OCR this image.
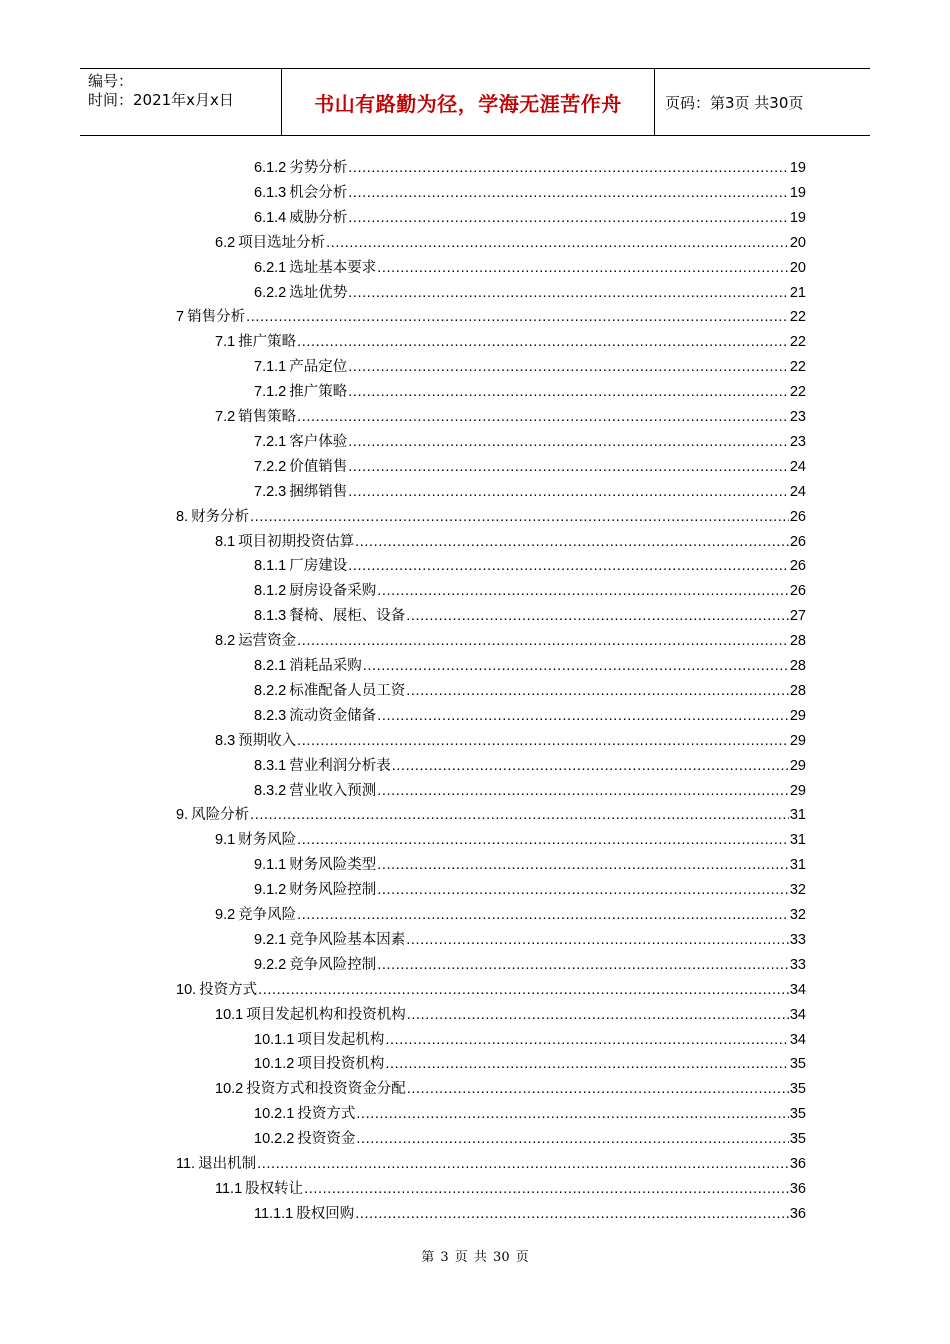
编号：
时间：2021年x月x日	书山有路勤为径，学海无涯苦作舟	页码：第3页 共30页
6.1.2 劣势分析 .....	19
6.1.3 机会分析 .....	19
6.1.4 威胁分析 .....	19
6.2 项目选址分析 .....	20
6.2.1 选址基本要求 .....	20
6.2.2 选址优势 .....	21
7 销售分析 .....	22
7.1 推广策略 .....	22
7.1.1 产品定位 .....	22
7.1.2 推广策略 .....	22
7.2 销售策略 .....	23
7.2.1 客户体验 .....	23
7.2.2 价值销售 .....	24
7.2.3 捆绑销售 .....	24
8. 财务分析 .....	26
8.1 项目初期投资估算 .....	26
8.1.1 厂房建设 .....	26
8.1.2 厨房设备采购 .....	26
8.1.3 餐椅、展柜、设备 .....	27
8.2 运营资金 .....	28
8.2.1 消耗品采购 .....	28
8.2.2 标准配备人员工资 .....	28
8.2.3 流动资金储备 .....	29
8.3 预期收入 .....	29
8.3.1 营业利润分析表 .....	29
8.3.2 营业收入预测 .....	29
9. 风险分析 .....	31
9.1 财务风险 .....	31
9.1.1 财务风险类型 .....	31
9.1.2 财务风险控制 .....	32
9.2 竞争风险 .....	32
9.2.1 竞争风险基本因素 .....	33
9.2.2 竞争风险控制 .....	33
10. 投资方式 .....	34
10.1 项目发起机构和投资机构 .....	34
10.1.1 项目发起机构 .....	34
10.1.2 项目投资机构 .....	35
10.2 投资方式和投资资金分配 .....	35
10.2.1 投资方式 .....	35
10.2.2 投资资金 .....	35
11. 退出机制 .....	36
11.1 股权转让 .....	36
11.1.1 股权回购 .....	36
第 3 页 共 30 页
